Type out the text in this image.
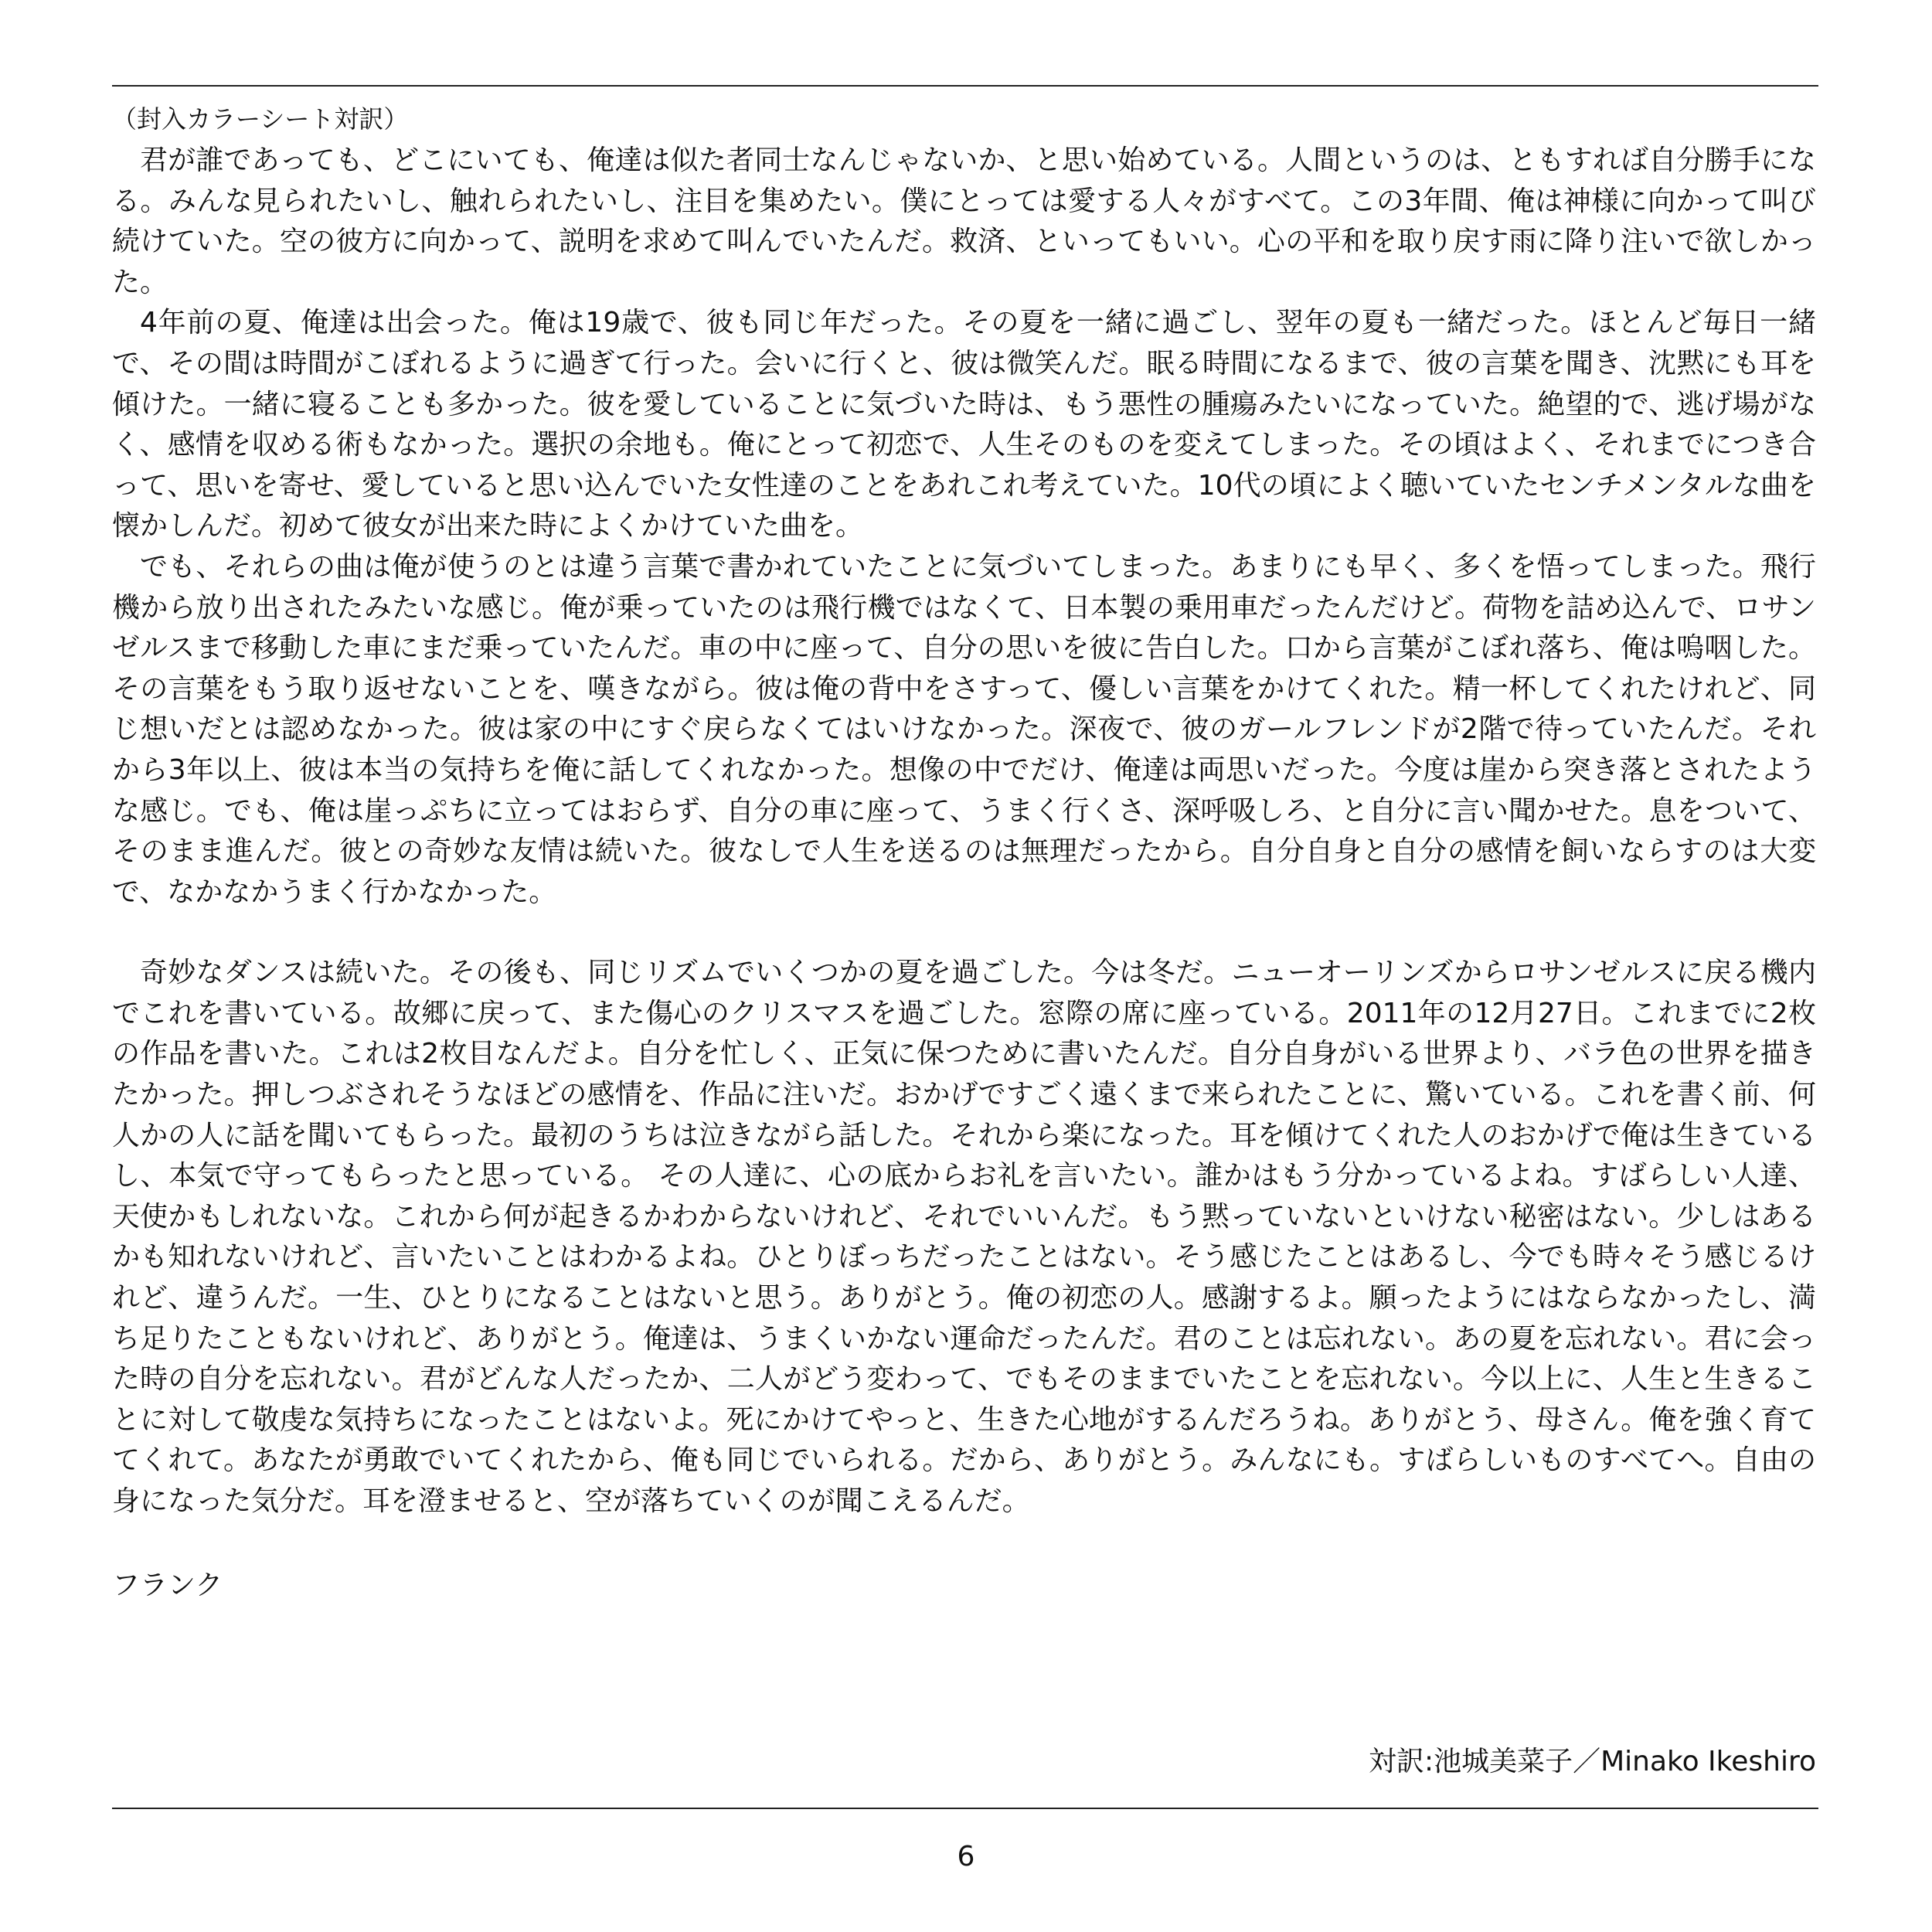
（封入カラーシート対訳）

君が誰であっても、どこにいても、俺達は似た者同士なんじゃないか、と思い始めている。人間というのは、ともすれば自分勝手になる。みんな見られたいし、触れられたいし、注目を集めたい。僕にとっては愛する人々がすべて。この3年間、俺は神様に向かって叫び続けていた。空の彼方に向かって、説明を求めて叫んでいたんだ。救済、といってもいい。心の平和を取り戻す雨に降り注いで欲しかった。

4年前の夏、俺達は出会った。俺は19歳で、彼も同じ年だった。その夏を一緒に過ごし、翌年の夏も一緒だった。ほとんど毎日一緒で、その間は時間がこぼれるように過ぎて行った。会いに行くと、彼は微笑んだ。眠る時間になるまで、彼の言葉を聞き、沈黙にも耳を傾けた。一緒に寝ることも多かった。彼を愛していることに気づいた時は、もう悪性の腫瘍みたいになっていた。絶望的で、逃げ場がなく、感情を収める術もなかった。選択の余地も。俺にとって初恋で、人生そのものを変えてしまった。その頃はよく、それまでにつき合って、思いを寄せ、愛していると思い込んでいた女性達のことをあれこれ考えていた。10代の頃によく聴いていたセンチメンタルな曲を懐かしんだ。初めて彼女が出来た時によくかけていた曲を。

でも、それらの曲は俺が使うのとは違う言葉で書かれていたことに気づいてしまった。あまりにも早く、多くを悟ってしまった。飛行機から放り出されたみたいな感じ。俺が乗っていたのは飛行機ではなくて、日本製の乗用車だったんだけど。荷物を詰め込んで、ロサンゼルスまで移動した車にまだ乗っていたんだ。車の中に座って、自分の思いを彼に告白した。口から言葉がこぼれ落ち、俺は嗚咽した。その言葉をもう取り返せないことを、嘆きながら。彼は俺の背中をさすって、優しい言葉をかけてくれた。精一杯してくれたけれど、同じ想いだとは認めなかった。彼は家の中にすぐ戻らなくてはいけなかった。深夜で、彼のガールフレンドが2階で待っていたんだ。それから3年以上、彼は本当の気持ちを俺に話してくれなかった。想像の中でだけ、俺達は両思いだった。今度は崖から突き落とされたような感じ。でも、俺は崖っぷちに立ってはおらず、自分の車に座って、うまく行くさ、深呼吸しろ、と自分に言い聞かせた。息をついて、そのまま進んだ。彼との奇妙な友情は続いた。彼なしで人生を送るのは無理だったから。自分自身と自分の感情を飼いならすのは大変で、なかなかうまく行かなかった。

奇妙なダンスは続いた。その後も、同じリズムでいくつかの夏を過ごした。今は冬だ。ニューオーリンズからロサンゼルスに戻る機内でこれを書いている。故郷に戻って、また傷心のクリスマスを過ごした。窓際の席に座っている。2011年の12月27日。これまでに2枚の作品を書いた。これは2枚目なんだよ。自分を忙しく、正気に保つために書いたんだ。自分自身がいる世界より、バラ色の世界を描きたかった。押しつぶされそうなほどの感情を、作品に注いだ。おかげですごく遠くまで来られたことに、驚いている。これを書く前、何人かの人に話を聞いてもらった。最初のうちは泣きながら話した。それから楽になった。耳を傾けてくれた人のおかげで俺は生きているし、本気で守ってもらったと思っている。 その人達に、心の底からお礼を言いたい。誰かはもう分かっているよね。すばらしい人達、天使かもしれないな。これから何が起きるかわからないけれど、それでいいんだ。もう黙っていないといけない秘密はない。少しはあるかも知れないけれど、言いたいことはわかるよね。ひとりぼっちだったことはない。そう感じたことはあるし、今でも時々そう感じるけれど、違うんだ。一生、ひとりになることはないと思う。ありがとう。俺の初恋の人。感謝するよ。願ったようにはならなかったし、満ち足りたこともないけれど、ありがとう。俺達は、うまくいかない運命だったんだ。君のことは忘れない。あの夏を忘れない。君に会った時の自分を忘れない。君がどんな人だったか、二人がどう変わって、でもそのままでいたことを忘れない。今以上に、人生と生きることに対して敬虔な気持ちになったことはないよ。死にかけてやっと、生きた心地がするんだろうね。ありがとう、母さん。俺を強く育ててくれて。あなたが勇敢でいてくれたから、俺も同じでいられる。だから、ありがとう。みんなにも。すばらしいものすべてへ。自由の身になった気分だ。耳を澄ませると、空が落ちていくのが聞こえるんだ。

フランク

対訳:池城美菜子／Minako Ikeshiro
6
